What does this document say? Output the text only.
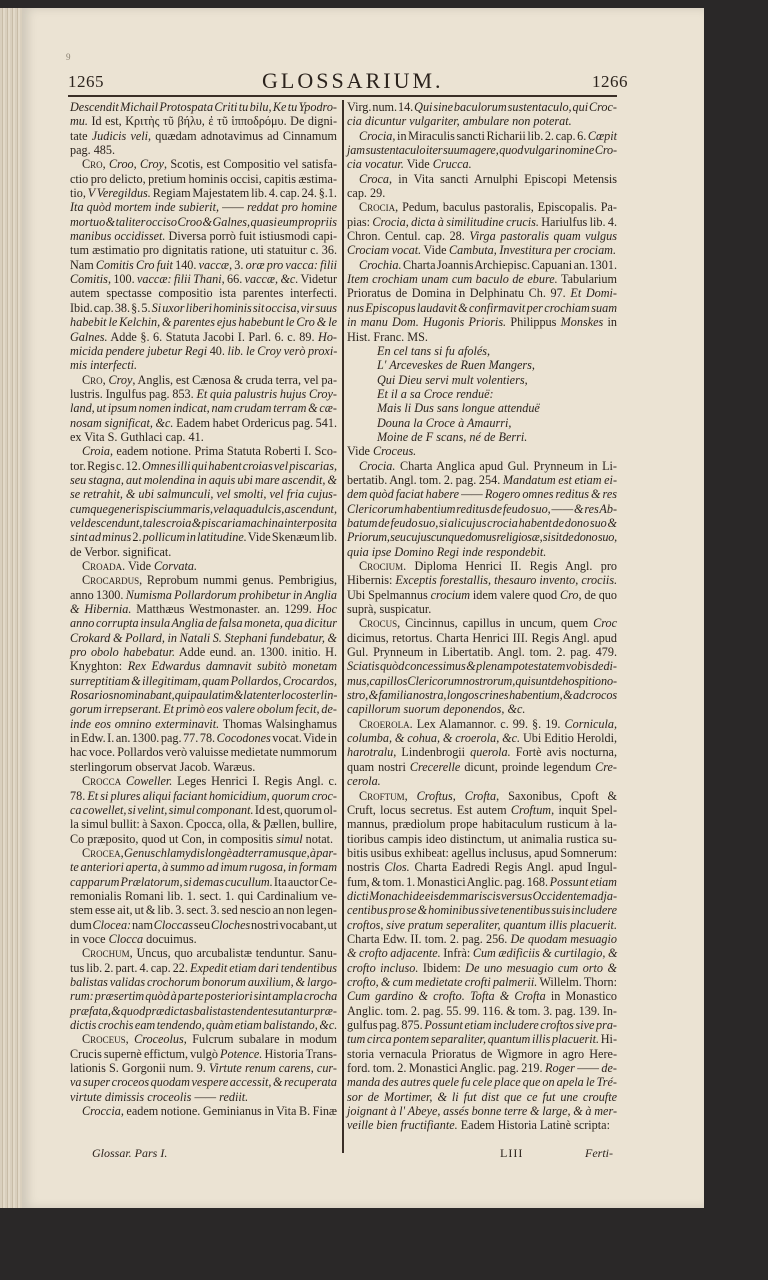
9
1265	GLOSSARIUM.	1266
Descendit Michail Protospata Criti tu bilu, Ke tu Ypodro-
mu. Id est, Κριτὴς τῦ βήλυ, ἐ τῦ ἱπποδρόμυ. De digni-
tate Judicis veli, quædam adnotavimus ad Cinnamum
pag. 485.
Cro, Croo, Croy, Scotis, est Compositio vel satisfa-
ctio pro delicto, pretium hominis occisi, capitis æstima-
tio, V Veregildus. Regiam Majestatem lib. 4. cap. 24. §.1.
Ita quòd mortem inde subierit, —— reddat pro homine
mortuo & taliter occiso Croo & Galnes, quasi eum propriis
manibus occidisset. Diversa porrò fuit istiusmodi capi-
tum æstimatio pro dignitatis ratione, uti statuitur c. 36.
Nam Comitis Cro fuit 140. vaccæ, 3. oræ pro vacca: filii
Comitis, 100. vaccæ: filii Thani, 66. vaccæ, &c. Videtur
autem spectasse compositio ista parentes interfecti.
Ibid. cap. 38. §. 5. Si uxor liberi hominis sit occisa, vir suus
habebit le Kelchin, & parentes ejus habebunt le Cro & le
Galnes. Adde §. 6. Statuta Jacobi I. Parl. 6. c. 89. Ho-
micida pendere jubetur Regi 40. lib. le Croy verò proxi-
mis interfecti.
Cro, Croy, Anglis, est Cænosa & cruda terra, vel pa-
lustris. Ingulfus pag. 853. Et quia palustris hujus Croy-
land, ut ipsum nomen indicat, nam crudam terram & cæ-
nosam significat, &c. Eadem habet Ordericus pag. 541.
ex Vita S. Guthlaci cap. 41.
Croia, eadem notione. Prima Statuta Roberti I. Sco-
tor. Regis c. 12. Omnes illi qui habent croias vel piscarias,
seu stagna, aut molendina in aquis ubi mare ascendit, &
se retrahit, & ubi salmunculi, vel smolti, vel fria cujus-
cumque generis piscium maris, vel aqua dulcis, ascendunt,
vel descendunt, tales croia & piscaria machina interposita
sint ad minus 2. pollicum in latitudine. Vide Skenæum lib.
de Verbor. significat.
Croada. Vide Corvata.
Crocardus, Reprobum nummi genus. Pembrigius,
anno 1300. Numisma Pollardorum prohibetur in Anglia
& Hibernia. Matthæus Westmonaster. an. 1299. Hoc
anno corrupta insula Anglia de falsa moneta, qua dicitur
Crokard & Pollard, in Natali S. Stephani fundebatur, &
pro obolo habebatur. Adde eund. an. 1300. initio. H.
Knyghton: Rex Edwardus damnavit subitò monetam
surreptitiam & illegitimam, quam Pollardos, Crocardos,
Rosarios nominabant, qui paulatim & latenter loco sterlin-
gorum irrepserant. Et primò eos valere obolum fecit, de-
inde eos omnino exterminavit. Thomas Walsinghamus
in Edw. I. an. 1300. pag. 77. 78. Cocodones vocat. Vide in
hac voce. Pollardos verò valuisse medietate nummorum
sterlingorum observat Jacob. Waræus.
Crocca Coweller. Leges Henrici I. Regis Angl. c.
78. Et si plures aliqui faciant homicidium, quorum croc-
ca cowellet, si velint, simul componant. Id est, quorum ol-
la simul bullit: à Saxon. Cpocca, olla, & Ƿællen, bullire,
Co præposito, quod ut Con, in compositis simul notat.
Crocea, Genus chlamydis longè ad terram usque, à par-
te anteriori aperta, à summo ad imum rugosa, in formam
capparum Prælatorum, si demas cucullum. Ita auctor Ce-
remonialis Romani lib. 1. sect. 1. qui Cardinalium ve-
stem esse ait, ut & lib. 3. sect. 3. sed nescio an non legen-
dum Clocea: nam Cloccas seu Cloches nostri vocabant, ut
in voce Clocca docuimus.
Crochum, Uncus, quo arcubalistæ tenduntur. Sanu-
tus lib. 2. part. 4. cap. 22. Expedit etiam dari tendentibus
balistas validas crochorum bonorum auxilium, & largo-
rum: præsertim quòd à parte posteriori sint ampla crocha
præfata, & quod prædictas balistas tendentes utantur præ-
dictis crochis eam tendendo, quàm etiam balistando, &c.
Croceus, Croceolus, Fulcrum subalare in modum
Crucis supernè effictum, vulgò Potence. Historia Trans-
lationis S. Gorgonii num. 9. Virtute renum carens, cur-
va super croceos quodam vespere accessit, & recuperata
virtute dimissis croceolis —— rediit.
Croccia, eadem notione. Geminianus in Vita B. Finæ
Virg. num. 14. Qui sine baculorum sustentaculo, qui Croc-
cia dicuntur vulgariter, ambulare non poterat.
Crocia, in Miraculis sancti Richarii lib. 2. cap. 6. Cœpit
jam sustentaculo iter suum agere, quod vulgari nomine Cro-
cia vocatur. Vide Crucca.
Croca, in Vita sancti Arnulphi Episcopi Metensis
cap. 29.
Crocia, Pedum, baculus pastoralis, Episcopalis. Pa-
pias: Crocia, dicta à similitudine crucis. Hariulfus lib. 4.
Chron. Centul. cap. 28. Virga pastoralis quam vulgus
Crociam vocat. Vide Cambuta, Investitura per crociam.
Crochia. Charta Joannis Archiepisc. Capuani an. 1301.
Item crochiam unam cum baculo de ebure. Tabularium
Prioratus de Domina in Delphinatu Ch. 97. Et Domi-
nus Episcopus laudavit & confirmavit per crochiam suam
in manu Dom. Hugonis Prioris. Philippus Monskes in
Hist. Franc. MS.
En cel tans si fu afolés,
L' Arceveskes de Ruen Mangers,
Qui Dieu servi mult volentiers,
Et il a sa Croce renduë:
Mais li Dus sans longue attenduë
Douna la Croce à Amaurri,
Moine de F scans, né de Berri.
Vide Croceus.
Crocia. Charta Anglica apud Gul. Prynneum in Li-
bertatib. Angl. tom. 2. pag. 254. Mandatum est etiam ei-
dem quòd faciat habere —— Rogero omnes reditus & res
Clericorum habentium reditus de feudo suo, —— & res Ab-
batum de feudo suo, si alicujus crocia habent de dono suo &
Priorum, seu cujuscunque domus religiosæ, si sit de dono suo,
quia ipse Domino Regi inde respondebit.
Crocium. Diploma Henrici II. Regis Angl. pro
Hibernis: Exceptis forestallis, thesauro invento, crociis.
Ubi Spelmannus crocium idem valere quod Cro, de quo
suprà, suspicatur.
Crocus, Cincinnus, capillus in uncum, quem Croc
dicimus, retortus. Charta Henrici III. Regis Angl. apud
Gul. Prynneum in Libertatib. Angl. tom. 2. pag. 479.
Sciatis quòd concessimus & plenam potestatem vobis dedi-
mus, capillos Clericorum nostrorum, qui sunt de hospitio no-
stro, & familia nostra, longos crines habentium, & ad crocos
capillorum suorum deponendos, &c.
Croerola. Lex Alamannor. c. 99. §. 19. Cornicula,
columba, & cohua, & croerola, &c. Ubi Editio Heroldi,
harotralu, Lindenbrogii querola. Fortè avis nocturna,
quam nostri Crecerelle dicunt, proinde legendum Cre-
cerola.
Croftum, Croftus, Crofta, Saxonibus, Cpoft &
Cruft, locus secretus. Est autem Croftum, inquit Spel-
mannus, prædiolum prope habitaculum rusticum à la-
tioribus campis ideo distinctum, ut animalia rustica su-
bitis usibus exhibeat: agellus inclusus, apud Somnerum:
nostris Clos. Charta Eadredi Regis Angl. apud Ingul-
fum, & tom. 1. Monastici Anglic. pag. 168. Possunt etiam
dicti Monachi de eisdem mariscis versus Occidentem adja-
centibus pro se & hominibus sive tenentibus suis includere
croftos, sive pratum seperaliter, quantum illis placuerit.
Charta Edw. II. tom. 2. pag. 256. De quodam mesuagio
& crofto adjacente. Infrà: Cum ædificiis & curtilagio, &
crofto incluso. Ibidem: De uno mesuagio cum orto &
crofto, & cum medietate crofti palmerii. Willelm. Thorn:
Cum gardino & crofto. Tofta & Crofta in Monastico
Anglic. tom. 2. pag. 55. 99. 116. & tom. 3. pag. 139. In-
gulfus pag. 875. Possunt etiam includere croftos sive pra-
tum circa pontem separaliter, quantum illis placuerit. Hi-
storia vernacula Prioratus de Wigmore in agro Here-
ford. tom. 2. Monastici Anglic. pag. 219. Roger —— de-
manda des autres quele fu cele place que on apela le Tré-
sor de Mortimer, & li fut dist que ce fut une croufte
joignant à l' Abeye, assés bonne terre & large, & à mer-
veille bien fructifiante. Eadem Historia Latinè scripta:
Glossar. Pars I.	LIII	Ferti-
